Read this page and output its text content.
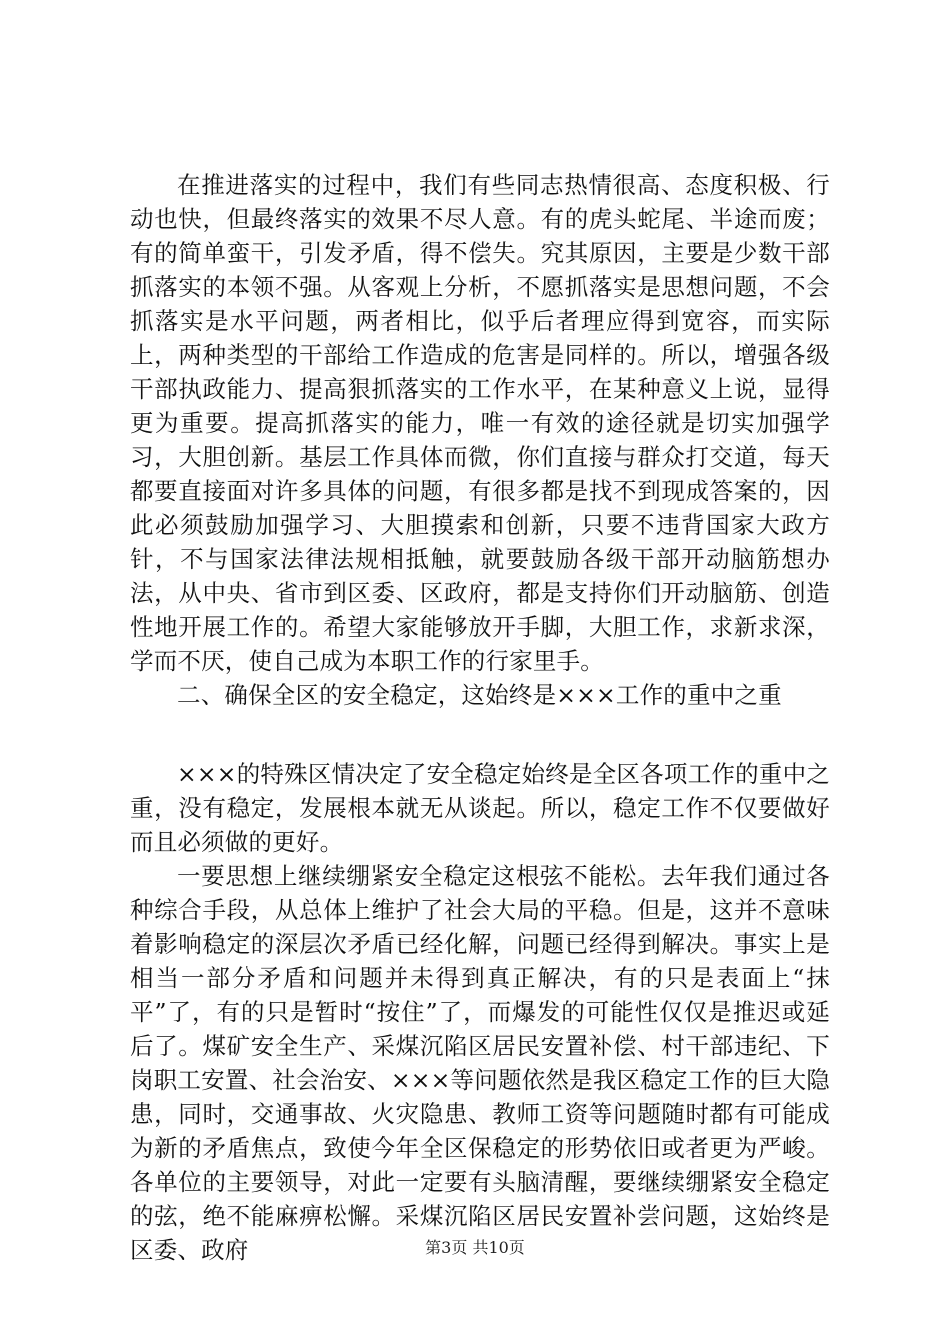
在推进落实的过程中，我们有些同志热情很高、态度积极、行动也快，但最终落实的效果不尽人意。有的虎头蛇尾、半途而废；有的简单蛮干，引发矛盾，得不偿失。究其原因，主要是少数干部抓落实的本领不强。从客观上分析，不愿抓落实是思想问题，不会抓落实是水平问题，两者相比，似乎后者理应得到宽容，而实际上，两种类型的干部给工作造成的危害是同样的。所以，增强各级干部执政能力、提高狠抓落实的工作水平，在某种意义上说，显得更为重要。提高抓落实的能力，唯一有效的途径就是切实加强学习，大胆创新。基层工作具体而微，你们直接与群众打交道，每天都要直接面对许多具体的问题，有很多都是找不到现成答案的，因此必须鼓励加强学习、大胆摸索和创新，只要不违背国家大政方针，不与国家法律法规相抵触，就要鼓励各级干部开动脑筋想办法，从中央、省市到区委、区政府，都是支持你们开动脑筋、创造性地开展工作的。希望大家能够放开手脚，大胆工作，求新求深，学而不厌，使自己成为本职工作的行家里手。

二、确保全区的安全稳定，这始终是×××工作的重中之重

×××的特殊区情决定了安全稳定始终是全区各项工作的重中之重，没有稳定，发展根本就无从谈起。所以，稳定工作不仅要做好而且必须做的更好。

一要思想上继续绷紧安全稳定这根弦不能松。去年我们通过各种综合手段，从总体上维护了社会大局的平稳。但是，这并不意味着影响稳定的深层次矛盾已经化解，问题已经得到解决。事实上是相当一部分矛盾和问题并未得到真正解决，有的只是表面上“抹平”了，有的只是暂时“按住”了，而爆发的可能性仅仅是推迟或延后了。煤矿安全生产、采煤沉陷区居民安置补偿、村干部违纪、下岗职工安置、社会治安、×××等问题依然是我区稳定工作的巨大隐患，同时，交通事故、火灾隐患、教师工资等问题随时都有可能成为新的矛盾焦点，致使今年全区保稳定的形势依旧或者更为严峻。各单位的主要领导，对此一定要有头脑清醒，要继续绷紧安全稳定的弦，绝不能麻痹松懈。采煤沉陷区居民安置补尝问题，这始终是区委、政府	第3页 共10页
